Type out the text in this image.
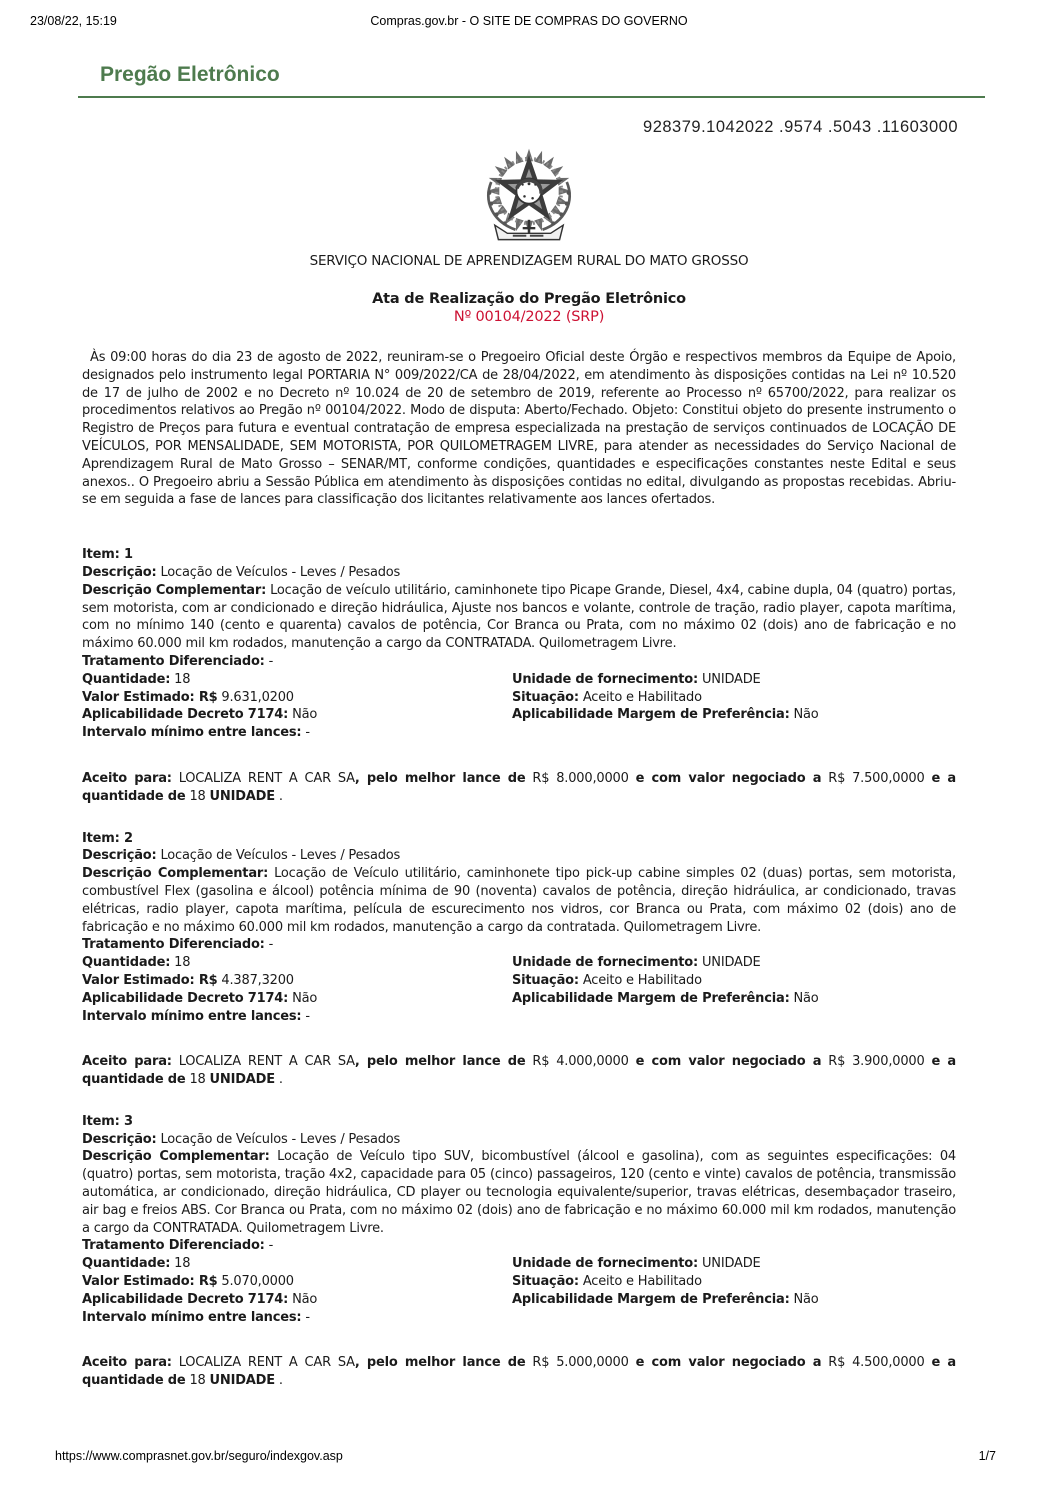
23/08/22, 15:19	Compras.gov.br - O SITE DE COMPRAS DO GOVERNO
Pregão Eletrônico
928379.1042022 .9574 .5043 .11603000
SERVIÇO NACIONAL DE APRENDIZAGEM RURAL DO MATO GROSSO
Ata de Realização do Pregão Eletrônico
Nº 00104/2022 (SRP)

Às 09:00 horas do dia 23 de agosto de 2022, reuniram-se o Pregoeiro Oficial deste Órgão e respectivos membros da Equipe de Apoio, designados pelo instrumento legal PORTARIA N° 009/2022/CA de 28/04/2022, em atendimento às disposições contidas na Lei nº 10.520 de 17 de julho de 2002 e no Decreto nº 10.024 de 20 de setembro de 2019, referente ao Processo nº 65700/2022, para realizar os procedimentos relativos ao Pregão nº 00104/2022. Modo de disputa: Aberto/Fechado. Objeto: Constitui objeto do presente instrumento o Registro de Preços para futura e eventual contratação de empresa especializada na prestação de serviços continuados de LOCAÇÃO DE VEÍCULOS, POR MENSALIDADE, SEM MOTORISTA, POR QUILOMETRAGEM LIVRE, para atender as necessidades do Serviço Nacional de Aprendizagem Rural de Mato Grosso – SENAR/MT, conforme condições, quantidades e especificações constantes neste Edital e seus anexos.. O Pregoeiro abriu a Sessão Pública em atendimento às disposições contidas no edital, divulgando as propostas recebidas. Abriu-se em seguida a fase de lances para classificação dos licitantes relativamente aos lances ofertados.

Item: 1

Descrição: Locação de Veículos - Leves / Pesados

Descrição Complementar: Locação de veículo utilitário, caminhonete tipo Picape Grande, Diesel, 4x4, cabine dupla, 04 (quatro) portas, sem motorista, com ar condicionado e direção hidráulica, Ajuste nos bancos e volante, controle de tração, radio player, capota marítima, com no mínimo 140 (cento e quarenta) cavalos de potência, Cor Branca ou Prata, com no máximo 02 (dois) ano de fabricação e no máximo 60.000 mil km rodados, manutenção a cargo da CONTRATADA. Quilometragem Livre.

Tratamento Diferenciado: -

Quantidade: 18	Unidade de fornecimento: UNIDADE

Valor Estimado: R$ 9.631,0200	Situação: Aceito e Habilitado

Aplicabilidade Decreto 7174: Não	Aplicabilidade Margem de Preferência: Não

Intervalo mínimo entre lances: -

Aceito para: LOCALIZA RENT A CAR SA, pelo melhor lance de R$ 8.000,0000 e com valor negociado a R$ 7.500,0000 e a quantidade de 18 UNIDADE .

Item: 2

Descrição: Locação de Veículos - Leves / Pesados

Descrição Complementar: Locação de Veículo utilitário, caminhonete tipo pick-up cabine simples 02 (duas) portas, sem motorista, combustível Flex (gasolina e álcool) potência mínima de 90 (noventa) cavalos de potência, direção hidráulica, ar condicionado, travas elétricas, radio player, capota marítima, película de escurecimento nos vidros, cor Branca ou Prata, com máximo 02 (dois) ano de fabricação e no máximo 60.000 mil km rodados, manutenção a cargo da contratada. Quilometragem Livre.

Tratamento Diferenciado: -

Quantidade: 18	Unidade de fornecimento: UNIDADE

Valor Estimado: R$ 4.387,3200	Situação: Aceito e Habilitado

Aplicabilidade Decreto 7174: Não	Aplicabilidade Margem de Preferência: Não

Intervalo mínimo entre lances: -

Aceito para: LOCALIZA RENT A CAR SA, pelo melhor lance de R$ 4.000,0000 e com valor negociado a R$ 3.900,0000 e a quantidade de 18 UNIDADE .

Item: 3

Descrição: Locação de Veículos - Leves / Pesados

Descrição Complementar: Locação de Veículo tipo SUV, bicombustível (álcool e gasolina), com as seguintes especificações: 04 (quatro) portas, sem motorista, tração 4x2, capacidade para 05 (cinco) passageiros, 120 (cento e vinte) cavalos de potência, transmissão automática, ar condicionado, direção hidráulica, CD player ou tecnologia equivalente/superior, travas elétricas, desembaçador traseiro, air bag e freios ABS. Cor Branca ou Prata, com no máximo 02 (dois) ano de fabricação e no máximo 60.000 mil km rodados, manutenção a cargo da CONTRATADA. Quilometragem Livre.

Tratamento Diferenciado: -

Quantidade: 18	Unidade de fornecimento: UNIDADE

Valor Estimado: R$ 5.070,0000	Situação: Aceito e Habilitado

Aplicabilidade Decreto 7174: Não	Aplicabilidade Margem de Preferência: Não

Intervalo mínimo entre lances: -

Aceito para: LOCALIZA RENT A CAR SA, pelo melhor lance de R$ 5.000,0000 e com valor negociado a R$ 4.500,0000 e a quantidade de 18 UNIDADE .

https://www.comprasnet.gov.br/seguro/indexgov.asp	1/7
